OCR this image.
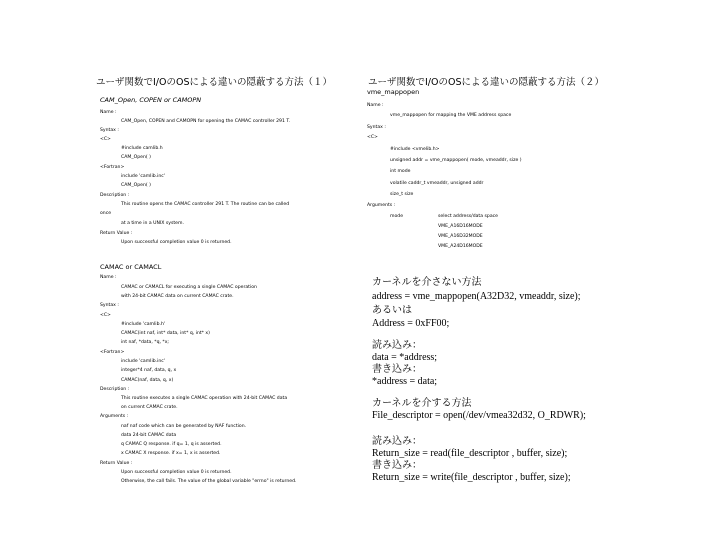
ユーザ関数でI/OのOSによる違いの隠蔽する方法（１）
CAM_Open, COPEN or CAMOPN
Name :
CAM_Open, COPEN and CAMOPN for opening the CAMAC controller 291 T.
Syntax :
<C>
#include camlib.h
CAM_Open( )
<Fortran>
include 'camlib.inc'
CAM_Open( )
Description :
This routine opens the CAMAC controller 291 T. The routine can be called
once
at a time in a UNIX system.
Return Value :
Upon successful completion value 0 is returned.
CAMAC or CAMACL
Name :
CAMAC or CAMACL for executing a single CAMAC operation
with 24-bit CAMAC data on current CAMAC crate.
Syntax :
<C>
#include 'camlib.h'
CAMAC(int naf, int* data, int* q, int* x)
int naf, *data, *q, *x;
<Fortran>
include 'camlib.inc'
integer*4 naf, data, q, x
CAMAC(naf, data, q, x)
Description :
This routine executes a single CAMAC operation with 24-bit CAMAC data
on current CAMAC crate.
Arguments :
naf naf code which can be generated by NAF function.
data 24-bit CAMAC data
q CAMAC Q response. if q= 1, q is asserted.
x CAMAC X response. if x= 1, x is asserted.
Return Value :
Upon successful completion value 0 is returned.
Otherwise, the call fails. The value of the global variable "errno" is returned.
ユーザ関数でI/OのOSによる違いの隠蔽する方法（２）
vme_mappopen
Name :
vme_mappopen for mapping the VME address space
Syntax :
<C>
#include <vmelib.h>
unsigned addr = vme_mappopen( mode, vmeaddr, size )
int mode
volatile caddr_t vmeaddr, unsigned addr
size_t size
Arguments :
mode	select address/data space
VME_A16D16MODE
VME_A16D32MODE
VME_A24D16MODE
カーネルを介さない方法
address = vme_mappopen(A32D32, vmeaddr, size);
あるいは
Address = 0xFF00;
読み込み：
data = *address;
書き込み：
*address = data;
カーネルを介する方法
File_descriptor = open(/dev/vmea32d32, O_RDWR);
読み込み：
Return_size = read(file_descriptor , buffer, size);
書き込み：
Return_size = write(file_descriptor , buffer, size);
